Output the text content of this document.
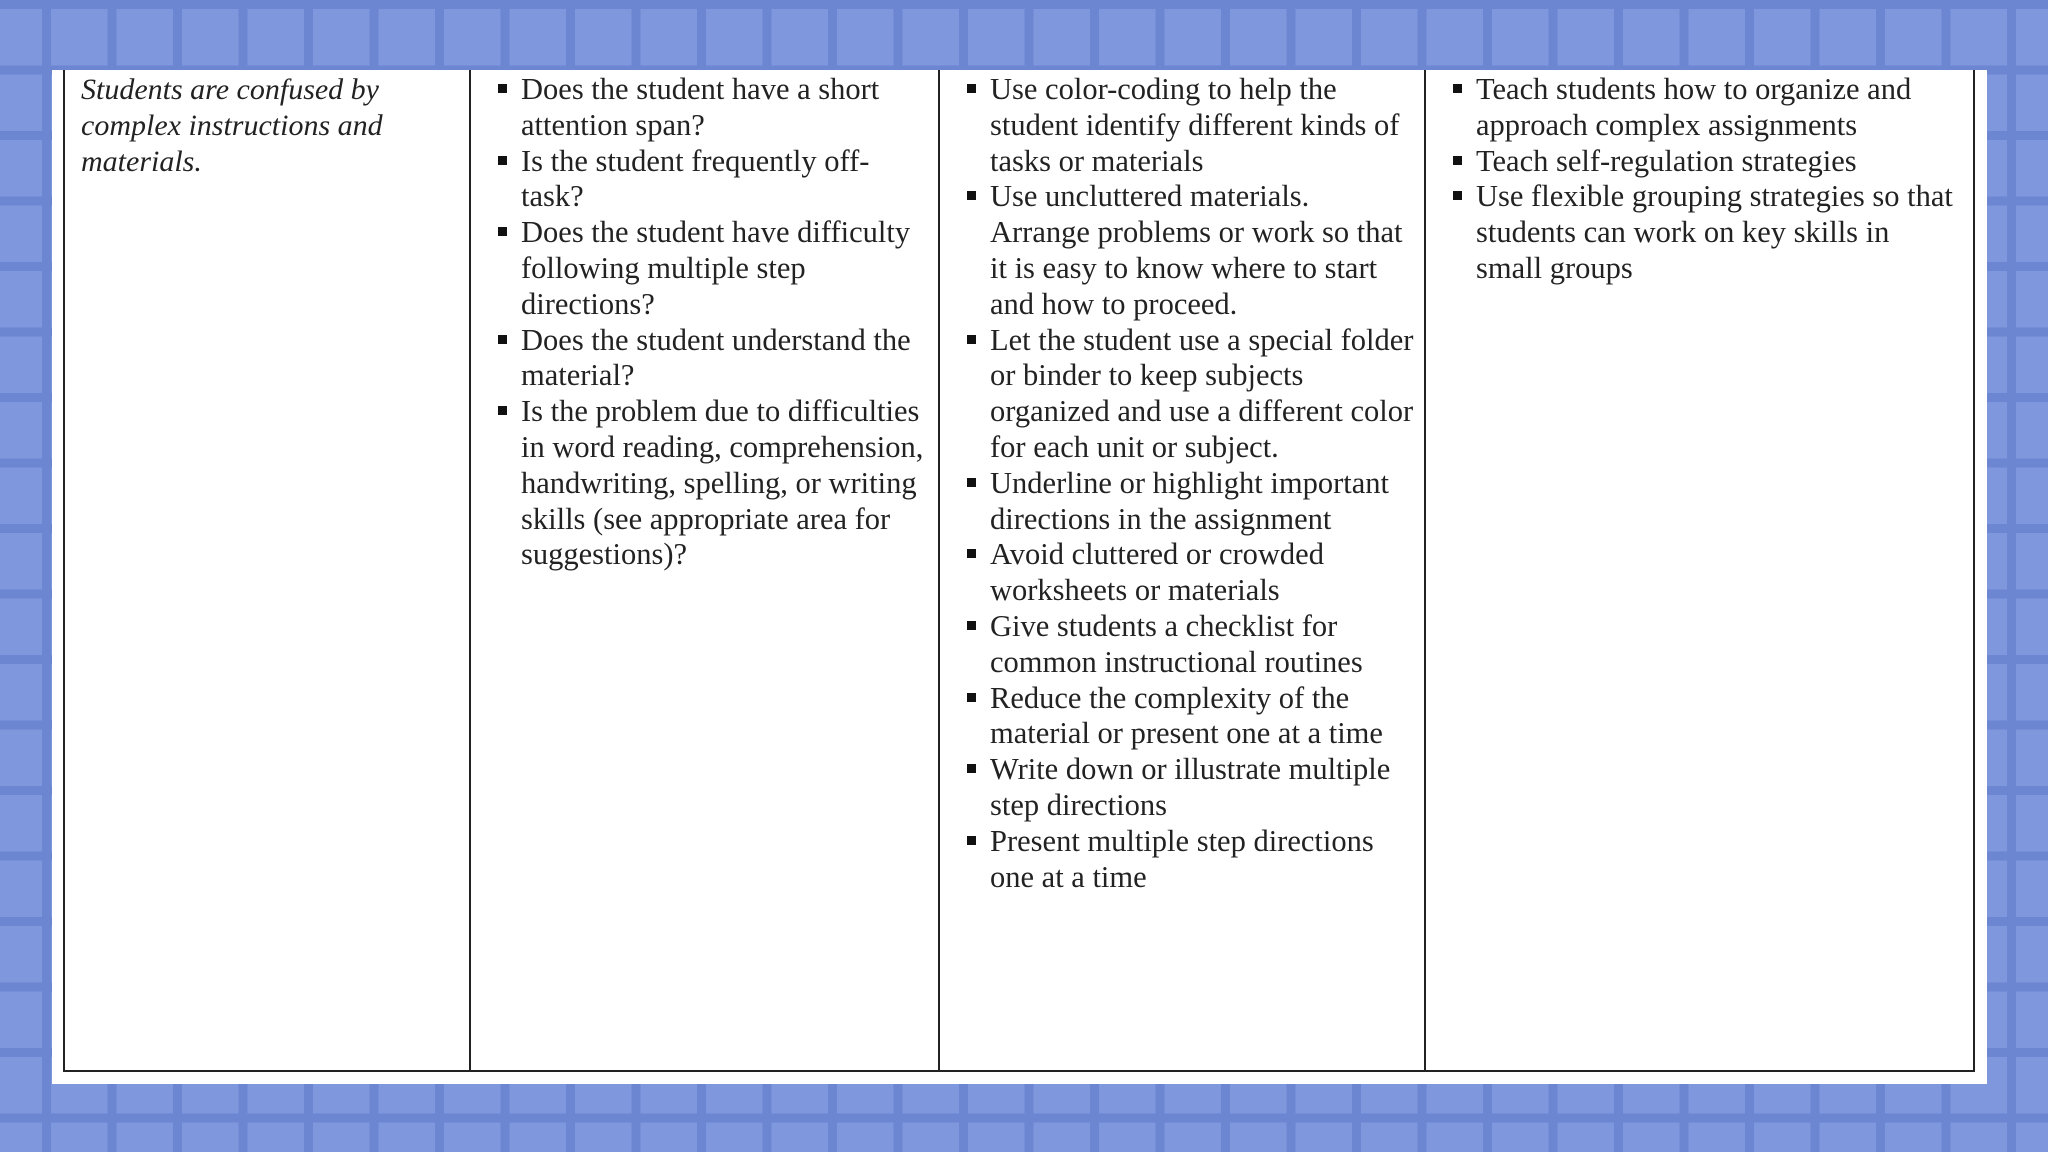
Students are confused by complex instructions and materials.

Does the student have a short attention span?
Is the student frequently off-task?
Does the student have difficulty following multiple step directions?
Does the student understand the material?
Is the problem due to difficulties in word reading, comprehension, handwriting, spelling, or writing skills (see appropriate area for suggestions)?
Use color-coding to help the student identify different kinds of tasks or materials
Use uncluttered materials. Arrange problems or work so that it is easy to know where to start and how to proceed.
Let the student use a special folder or binder to keep subjects organized and use a different color for each unit or subject.
Underline or highlight important directions in the assignment
Avoid cluttered or crowded worksheets or materials
Give students a checklist for common instructional routines
Reduce the complexity of the material or present one at a time
Write down or illustrate multiple step directions
Present multiple step directions one at a time
Teach students how to organize and approach complex assignments
Teach self-regulation strategies
Use flexible grouping strategies so that students can work on key skills in small groups
